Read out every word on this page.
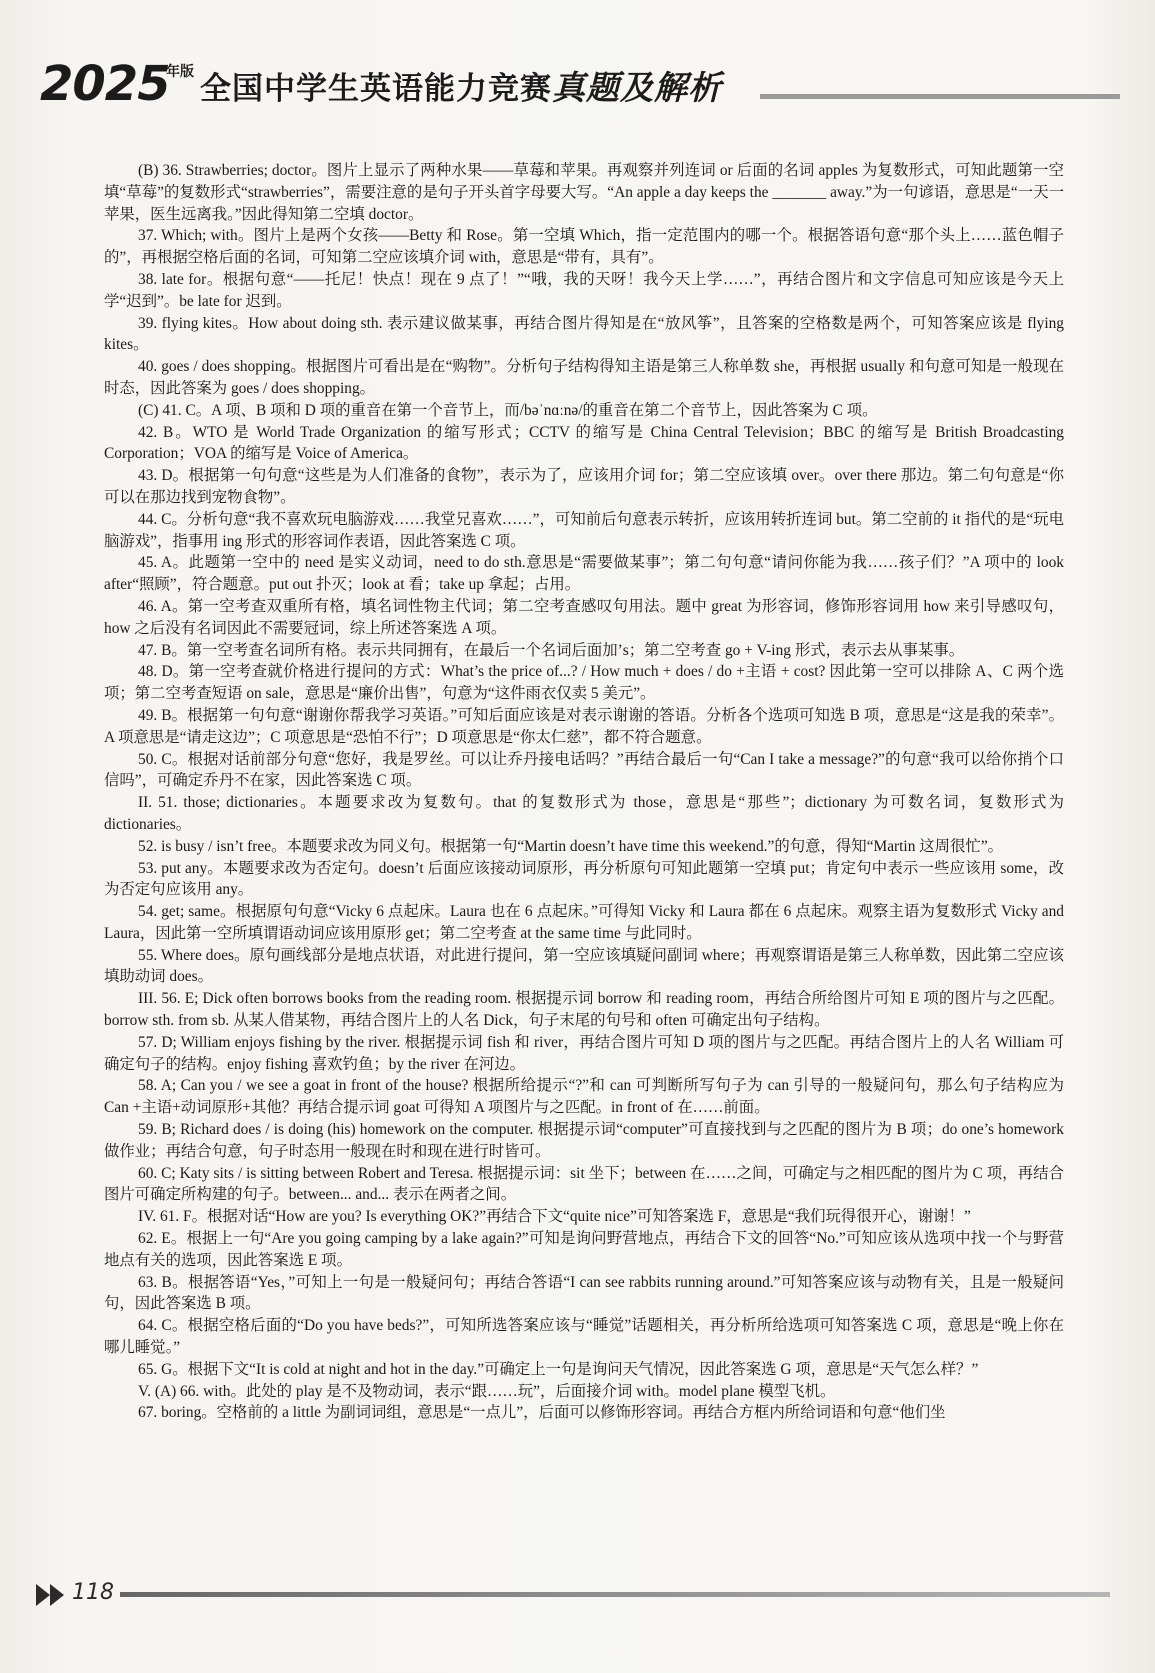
2025
年版 全国中学生英语能力竞赛真题及解析

(B) 36. Strawberries; doctor。图片上显示了两种水果——草莓和苹果。再观察并列连词 or 后面的名词 apples 为复数形式，可知此题第一空填“草莓”的复数形式“strawberries”，需要注意的是句子开头首字母要大写。“An apple a day keeps the _______ away.”为一句谚语，意思是“一天一苹果，医生远离我。”因此得知第二空填 doctor。

37. Which; with。图片上是两个女孩——Betty 和 Rose。第一空填 Which，指一定范围内的哪一个。根据答语句意“那个头上……蓝色帽子的”，再根据空格后面的名词，可知第二空应该填介词 with，意思是“带有，具有”。

38. late for。根据句意“——托尼！快点！现在 9 点了！”“哦，我的天呀！我今天上学……”，再结合图片和文字信息可知应该是今天上学“迟到”。be late for 迟到。

39. flying kites。How about doing sth. 表示建议做某事，再结合图片得知是在“放风筝”，且答案的空格数是两个，可知答案应该是 flying kites。

40. goes / does shopping。根据图片可看出是在“购物”。分析句子结构得知主语是第三人称单数 she，再根据 usually 和句意可知是一般现在时态，因此答案为 goes / does shopping。

(C) 41. C。A 项、B 项和 D 项的重音在第一个音节上，而/bəˈnɑːnə/的重音在第二个音节上，因此答案为 C 项。

42. B。WTO 是 World Trade Organization 的缩写形式；CCTV 的缩写是 China Central Television；BBC 的缩写是 British Broadcasting Corporation；VOA 的缩写是 Voice of America。

43. D。根据第一句句意“这些是为人们准备的食物”，表示为了，应该用介词 for；第二空应该填 over。over there 那边。第二句句意是“你可以在那边找到宠物食物”。

44. C。分析句意“我不喜欢玩电脑游戏……我堂兄喜欢……”，可知前后句意表示转折，应该用转折连词 but。第二空前的 it 指代的是“玩电脑游戏”，指事用 ing 形式的形容词作表语，因此答案选 C 项。

45. A。此题第一空中的 need 是实义动词，need to do sth.意思是“需要做某事”；第二句句意“请问你能为我……孩子们？”A 项中的 look after“照顾”，符合题意。put out 扑灭；look at 看；take up 拿起；占用。

46. A。第一空考查双重所有格，填名词性物主代词；第二空考查感叹句用法。题中 great 为形容词，修饰形容词用 how 来引导感叹句，how 之后没有名词因此不需要冠词，综上所述答案选 A 项。

47. B。第一空考查名词所有格。表示共同拥有，在最后一个名词后面加’s；第二空考查 go + V-ing 形式，表示去从事某事。

48. D。第一空考查就价格进行提问的方式：What’s the price of...? / How much + does / do +主语 + cost? 因此第一空可以排除 A、C 两个选项；第二空考查短语 on sale，意思是“廉价出售”，句意为“这件雨衣仅卖 5 美元”。

49. B。根据第一句句意“谢谢你帮我学习英语。”可知后面应该是对表示谢谢的答语。分析各个选项可知选 B 项，意思是“这是我的荣幸”。A 项意思是“请走这边”；C 项意思是“恐怕不行”；D 项意思是“你太仁慈”，都不符合题意。

50. C。根据对话前部分句意“您好，我是罗丝。可以让乔丹接电话吗？”再结合最后一句“Can I take a message?”的句意“我可以给你捎个口信吗”，可确定乔丹不在家，因此答案选 C 项。

II. 51. those; dictionaries。本题要求改为复数句。that 的复数形式为 those，意思是“那些”；dictionary 为可数名词，复数形式为 dictionaries。

52. is busy / isn’t free。本题要求改为同义句。根据第一句“Martin doesn’t have time this weekend.”的句意，得知“Martin 这周很忙”。

53. put any。本题要求改为否定句。doesn’t 后面应该接动词原形，再分析原句可知此题第一空填 put；肯定句中表示一些应该用 some，改为否定句应该用 any。

54. get; same。根据原句句意“Vicky 6 点起床。Laura 也在 6 点起床。”可得知 Vicky 和 Laura 都在 6 点起床。观察主语为复数形式 Vicky and Laura，因此第一空所填谓语动词应该用原形 get；第二空考查 at the same time 与此同时。

55. Where does。原句画线部分是地点状语，对此进行提问，第一空应该填疑问副词 where；再观察谓语是第三人称单数，因此第二空应该填助动词 does。

III. 56. E; Dick often borrows books from the reading room. 根据提示词 borrow 和 reading room，再结合所给图片可知 E 项的图片与之匹配。borrow sth. from sb. 从某人借某物，再结合图片上的人名 Dick，句子末尾的句号和 often 可确定出句子结构。

57. D; William enjoys fishing by the river. 根据提示词 fish 和 river，再结合图片可知 D 项的图片与之匹配。再结合图片上的人名 William 可确定句子的结构。enjoy fishing 喜欢钓鱼；by the river 在河边。

58. A; Can you / we see a goat in front of the house? 根据所给提示“?”和 can 可判断所写句子为 can 引导的一般疑问句，那么句子结构应为 Can +主语+动词原形+其他？再结合提示词 goat 可得知 A 项图片与之匹配。in front of 在……前面。

59. B; Richard does / is doing (his) homework on the computer. 根据提示词“computer”可直接找到与之匹配的图片为 B 项；do one’s homework 做作业；再结合句意，句子时态用一般现在时和现在进行时皆可。

60. C; Katy sits / is sitting between Robert and Teresa. 根据提示词：sit 坐下；between 在……之间，可确定与之相匹配的图片为 C 项，再结合图片可确定所构建的句子。between... and... 表示在两者之间。

IV. 61. F。根据对话“How are you? Is everything OK?”再结合下文“quite nice”可知答案选 F，意思是“我们玩得很开心，谢谢！”

62. E。根据上一句“Are you going camping by a lake again?”可知是询问野营地点，再结合下文的回答“No.”可知应该从选项中找一个与野营地点有关的选项，因此答案选 E 项。

63. B。根据答语“Yes，”可知上一句是一般疑问句；再结合答语“I can see rabbits running around.”可知答案应该与动物有关，且是一般疑问句，因此答案选 B 项。

64. C。根据空格后面的“Do you have beds?”，可知所选答案应该与“睡觉”话题相关，再分析所给选项可知答案选 C 项，意思是“晚上你在哪儿睡觉。”

65. G。根据下文“It is cold at night and hot in the day.”可确定上一句是询问天气情况，因此答案选 G 项，意思是“天气怎么样？”

V. (A) 66. with。此处的 play 是不及物动词，表示“跟……玩”，后面接介词 with。model plane 模型飞机。

67. boring。空格前的 a little 为副词词组，意思是“一点儿”，后面可以修饰形容词。再结合方框内所给词语和句意“他们坐

118
